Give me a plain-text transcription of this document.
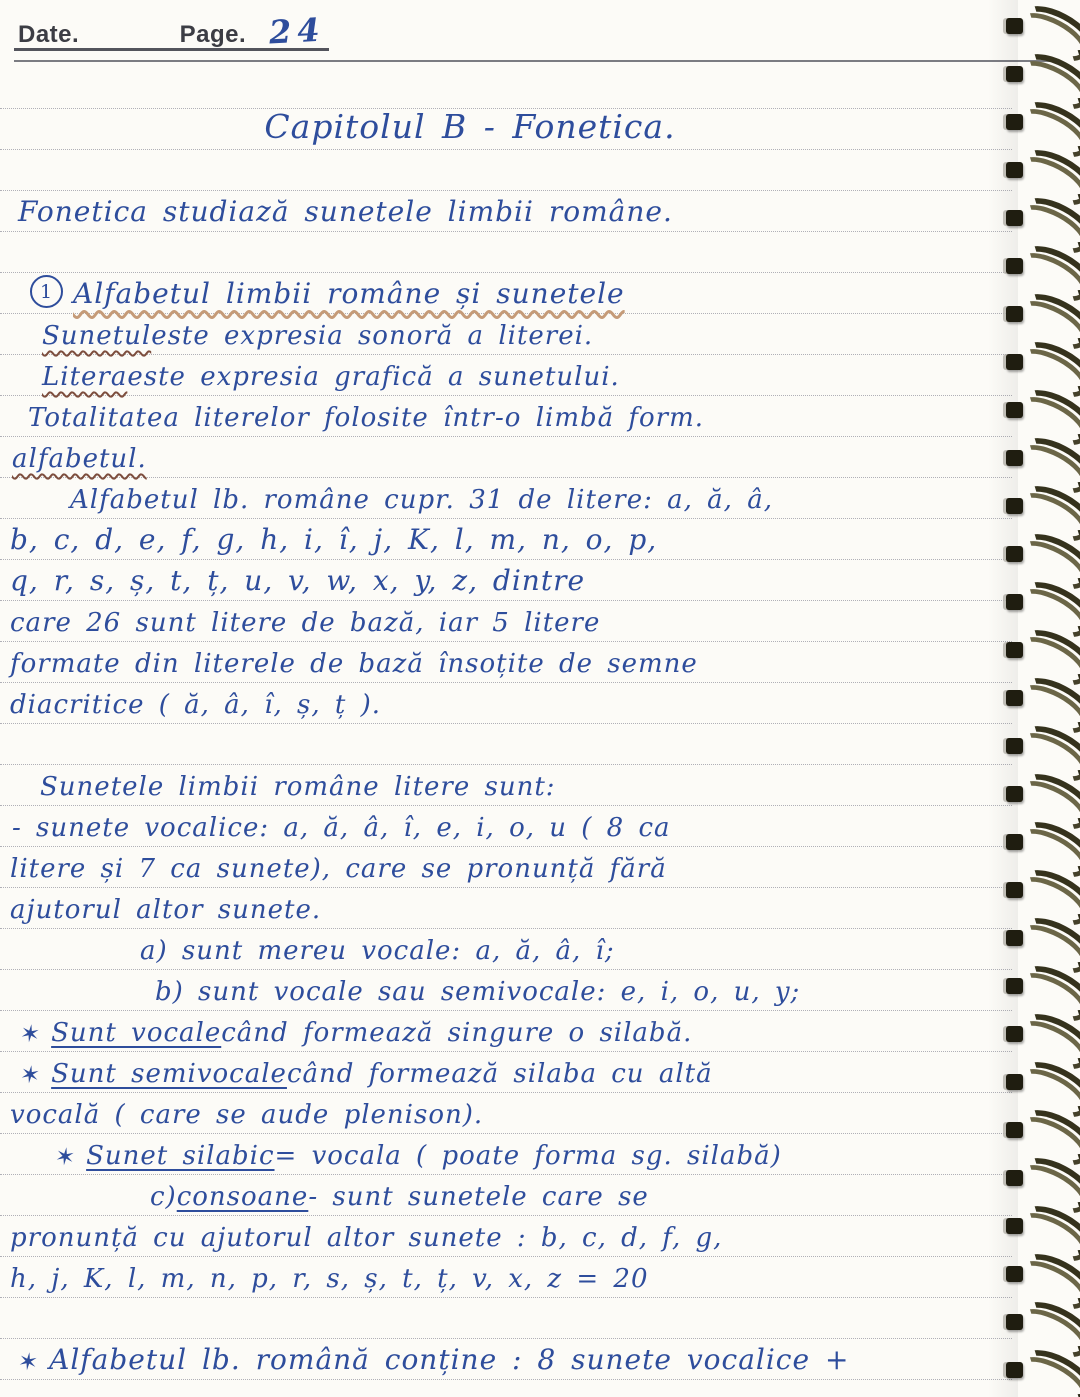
Date.	Page. 24
Capitolul B - Fonetica.
Fonetica studiază sunetele limbii române.
1 Alfabetul limbii române și sunetele
Sunetul este expresia sonoră a literei.
Litera este expresia grafică a sunetului.
Totalitatea literelor folosite într-o limbă form.
alfabetul.
Alfabetul lb. române cupr. 31 de litere: a, ă, â,
b, c, d, e, f, g, h, i, î, j, K, l, m, n, o, p,
q, r, s, ș, t, ț, u, v, w, x, y, z, dintre
care 26 sunt litere de bază, iar 5 litere
formate din literele de bază însoțite de semne
diacritice ( ă, â, î, ș, ț ).
Sunetele limbii române litere sunt:
- sunete vocalice: a, ă, â, î, e, i, o, u ( 8 ca
litere și 7 ca sunete), care se pronunță fără
ajutorul altor sunete.
a) sunt mereu vocale: a, ă, â, î;
b) sunt vocale sau semivocale: e, i, o, u, y;
✶ Sunt vocale când formează singure o silabă.
✶ Sunt semivocale când formează silaba cu altă
vocală ( care se aude plenison).
✶ Sunet silabic = vocala ( poate forma sg. silabă)
c) consoane - sunt sunetele care se
pronunță cu ajutorul altor sunete : b, c, d, f, g,
h, j, K, l, m, n, p, r, s, ș, t, ț, v, x, z = 20
✶ Alfabetul lb. română conține : 8 sunete vocalice +
